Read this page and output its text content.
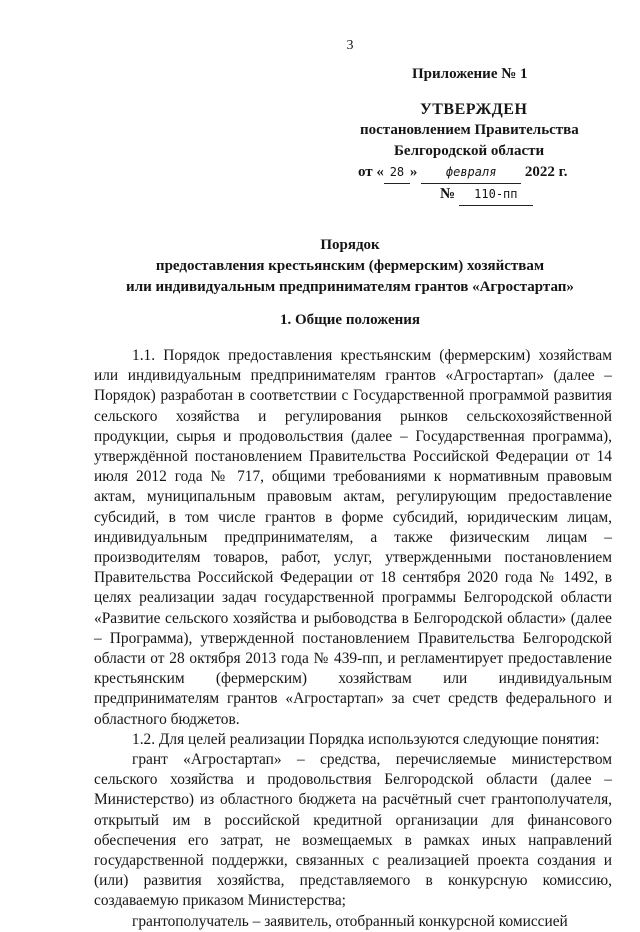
3
Приложение № 1
УТВЕРЖДЕН
постановлением Правительства
Белгородской области
от « 28 » февраля 2022 г.
№ 110-пп
Порядок
предоставления крестьянским (фермерским) хозяйствам
или индивидуальным предпринимателям грантов «Агростартап»
1. Общие положения

1.1. Порядок предоставления крестьянским (фермерским) хозяйствам или индивидуальным предпринимателям грантов «Агростартап» (далее – Порядок) разработан в соответствии с Государственной программой развития сельского хозяйства и регулирования рынков сельскохозяйственной продукции, сырья и продовольствия (далее – Государственная программа), утверждённой постановлением Правительства Российской Федерации от 14 июля 2012 года № 717, общими требованиями к нормативным правовым актам, муниципальным правовым актам, регулирующим предоставление субсидий, в том числе грантов в форме субсидий, юридическим лицам, индивидуальным предпринимателям, а также физическим лицам – производителям товаров, работ, услуг, утвержденными постановлением Правительства Российской Федерации от 18 сентября 2020 года № 1492, в целях реализации задач государственной программы Белгородской области «Развитие сельского хозяйства и рыбоводства в Белгородской области» (далее – Программа), утвержденной постановлением Правительства Белгородской области от 28 октября 2013 года № 439-пп, и регламентирует предоставление крестьянским (фермерским) хозяйствам или индивидуальным предпринимателям грантов «Агростартап» за счет средств федерального и областного бюджетов.

1.2. Для целей реализации Порядка используются следующие понятия:

грант «Агростартап» – средства, перечисляемые министерством сельского хозяйства и продовольствия Белгородской области (далее – Министерство) из областного бюджета на расчётный счет грантополучателя, открытый им в российской кредитной организации для финансового обеспечения его затрат, не возмещаемых в рамках иных направлений государственной поддержки, связанных с реализацией проекта создания и (или) развития хозяйства, представляемого в конкурсную комиссию, создаваемую приказом Министерства;

грантополучатель – заявитель, отобранный конкурсной комиссией
